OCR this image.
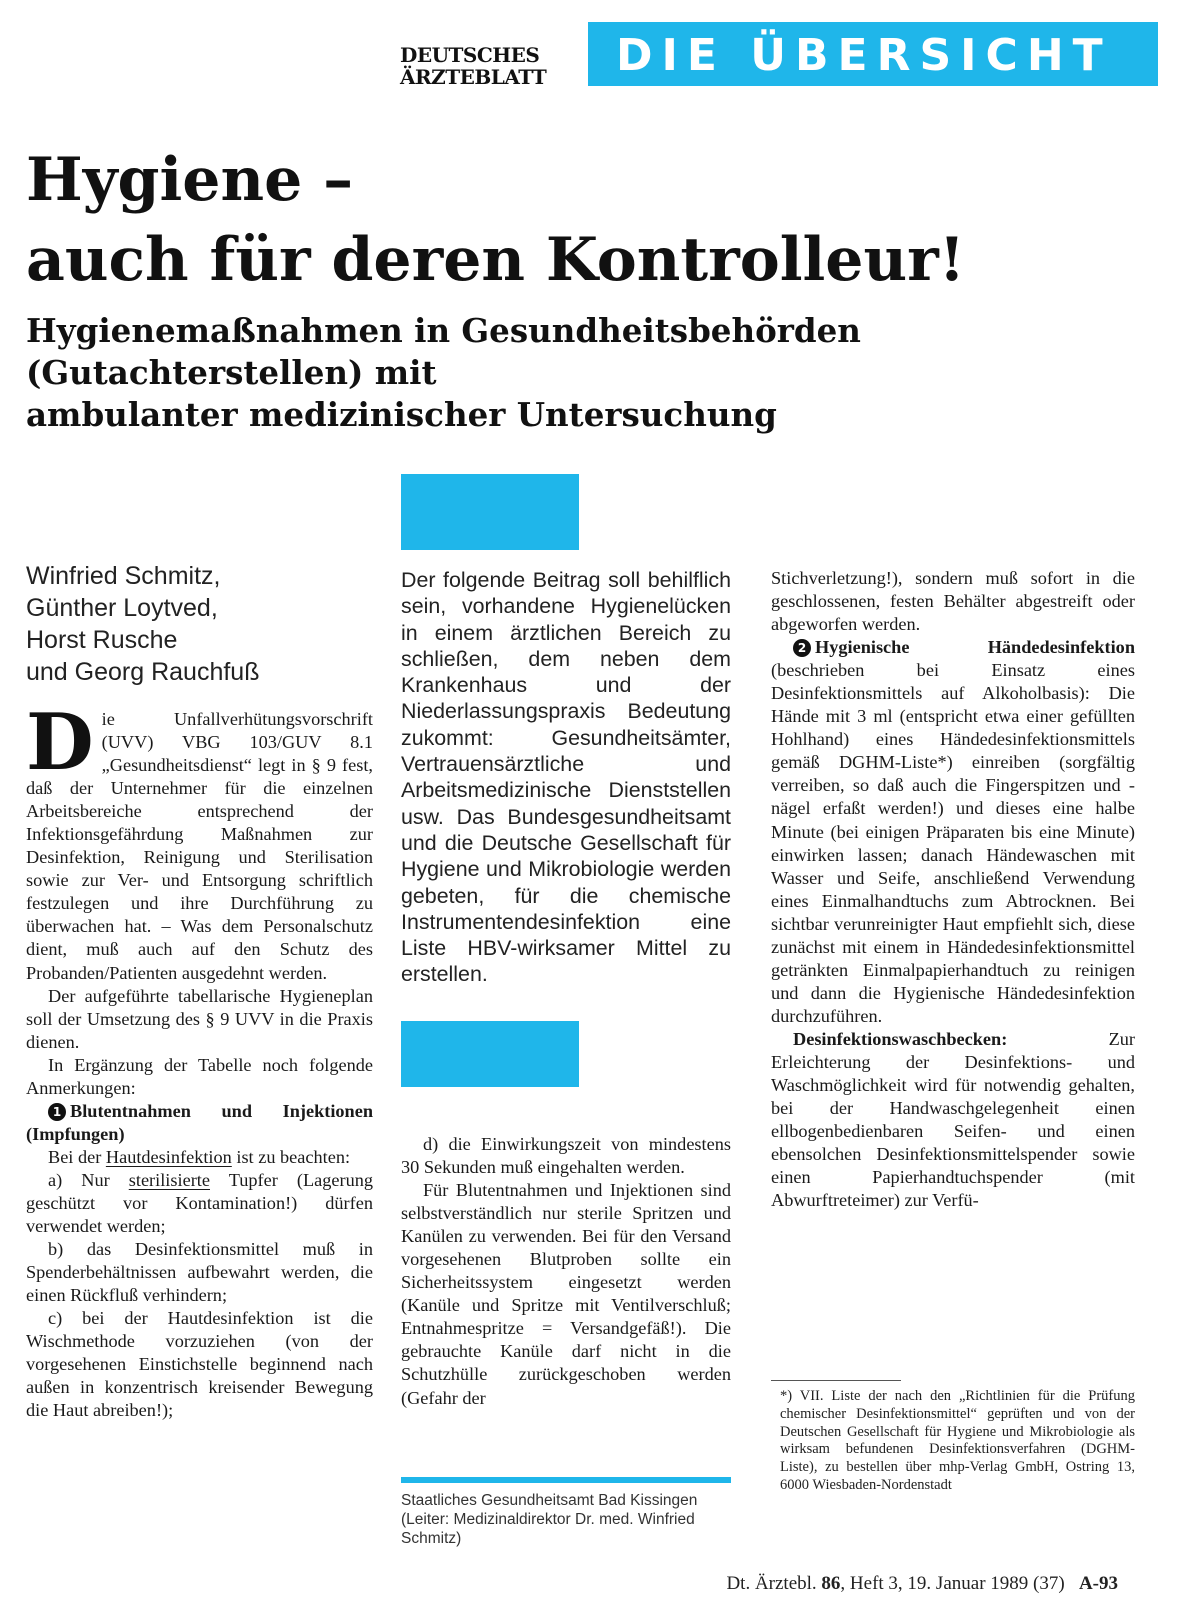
DEUTSCHES
ÄRZTEBLATT	DIE ÜBERSICHT
Hygiene –
auch für deren Kontrolleur!
Hygienemaßnahmen in Gesundheitsbehörden
(Gutachterstellen) mit
ambulanter medizinischer Untersuchung
Winfried Schmitz,
Günther Loytved,
Horst Rusche
und Georg Rauchfuß

Die Unfallverhütungsvorschrift (UVV) VBG 103/GUV 8.1 „Gesundheitsdienst“ legt in § 9 fest, daß der Unternehmer für die einzelnen Arbeitsbereiche entsprechend der Infektionsgefährdung Maßnahmen zur Desinfektion, Reinigung und Sterilisation sowie zur Ver- und Entsorgung schriftlich festzulegen und ihre Durchführung zu überwachen hat. – Was dem Personalschutz dient, muß auch auf den Schutz des Probanden/Patienten ausgedehnt werden.

Der aufgeführte tabellarische Hygieneplan soll der Umsetzung des § 9 UVV in die Praxis dienen.

In Ergänzung der Tabelle noch folgende Anmerkungen:

1 Blutentnahmen und Injektionen (Impfungen)

Bei der Hautdesinfektion ist zu beachten:

a) Nur sterilisierte Tupfer (Lagerung geschützt vor Kontamination!) dürfen verwendet werden;

b) das Desinfektionsmittel muß in Spenderbehältnissen aufbewahrt werden, die einen Rückfluß verhindern;

c) bei der Hautdesinfektion ist die Wischmethode vorzuziehen (von der vorgesehenen Einstichstelle beginnend nach außen in konzentrisch kreisender Bewegung die Haut abreiben!);

Der folgende Beitrag soll behilflich sein, vorhandene Hygienelücken in einem ärztlichen Bereich zu schließen, dem neben dem Krankenhaus und der Niederlassungspraxis Bedeutung zukommt: Gesundheitsämter, Vertrauensärztliche und Arbeitsmedizinische Dienststellen usw. Das Bundesgesundheitsamt und die Deutsche Gesellschaft für Hygiene und Mikrobiologie werden gebeten, für die chemische Instrumentendesinfektion eine Liste HBV-wirksamer Mittel zu erstellen.

d) die Einwirkungszeit von mindestens 30 Sekunden muß eingehalten werden.

Für Blutentnahmen und Injektionen sind selbstverständlich nur sterile Spritzen und Kanülen zu verwenden. Bei für den Versand vorgesehenen Blutproben sollte ein Sicherheitssystem eingesetzt werden (Kanüle und Spritze mit Ventilverschluß; Entnahmespritze = Versandgefäß!). Die gebrauchte Kanüle darf nicht in die Schutzhülle zurückgeschoben werden (Gefahr der

Staatliches Gesundheitsamt Bad Kissingen (Leiter: Medizinaldirektor Dr. med. Winfried Schmitz)

Stichverletzung!), sondern muß sofort in die geschlossenen, festen Behälter abgestreift oder abgeworfen werden.

2 Hygienische Händedesinfektion (beschrieben bei Einsatz eines Desinfektionsmittels auf Alkoholbasis): Die Hände mit 3 ml (entspricht etwa einer gefüllten Hohlhand) eines Händedesinfektionsmittels gemäß DGHM-Liste*) einreiben (sorgfältig verreiben, so daß auch die Fingerspitzen und -nägel erfaßt werden!) und dieses eine halbe Minute (bei einigen Präparaten bis eine Minute) einwirken lassen; danach Händewaschen mit Wasser und Seife, anschließend Verwendung eines Einmalhandtuchs zum Abtrocknen. Bei sichtbar verunreinigter Haut empfiehlt sich, diese zunächst mit einem in Händedesinfektionsmittel getränkten Einmalpapierhandtuch zu reinigen und dann die Hygienische Händedesinfektion durchzuführen.

Desinfektionswaschbecken: Zur Erleichterung der Desinfektions- und Waschmöglichkeit wird für notwendig gehalten, bei der Handwaschgelegenheit einen ellbogenbedienbaren Seifen- und einen ebensolchen Desinfektionsmittelspender sowie einen Papierhandtuchspender (mit Abwurftreteimer) zur Verfü-

*) VII. Liste der nach den „Richtlinien für die Prüfung chemischer Desinfektionsmittel“ geprüften und von der Deutschen Gesellschaft für Hygiene und Mikrobiologie als wirksam befundenen Desinfektionsverfahren (DGHM-Liste), zu bestellen über mhp-Verlag GmbH, Ostring 13, 6000 Wiesbaden-Nordenstadt
Dt. Ärztebl. 86, Heft 3, 19. Januar 1989 (37) A-93
